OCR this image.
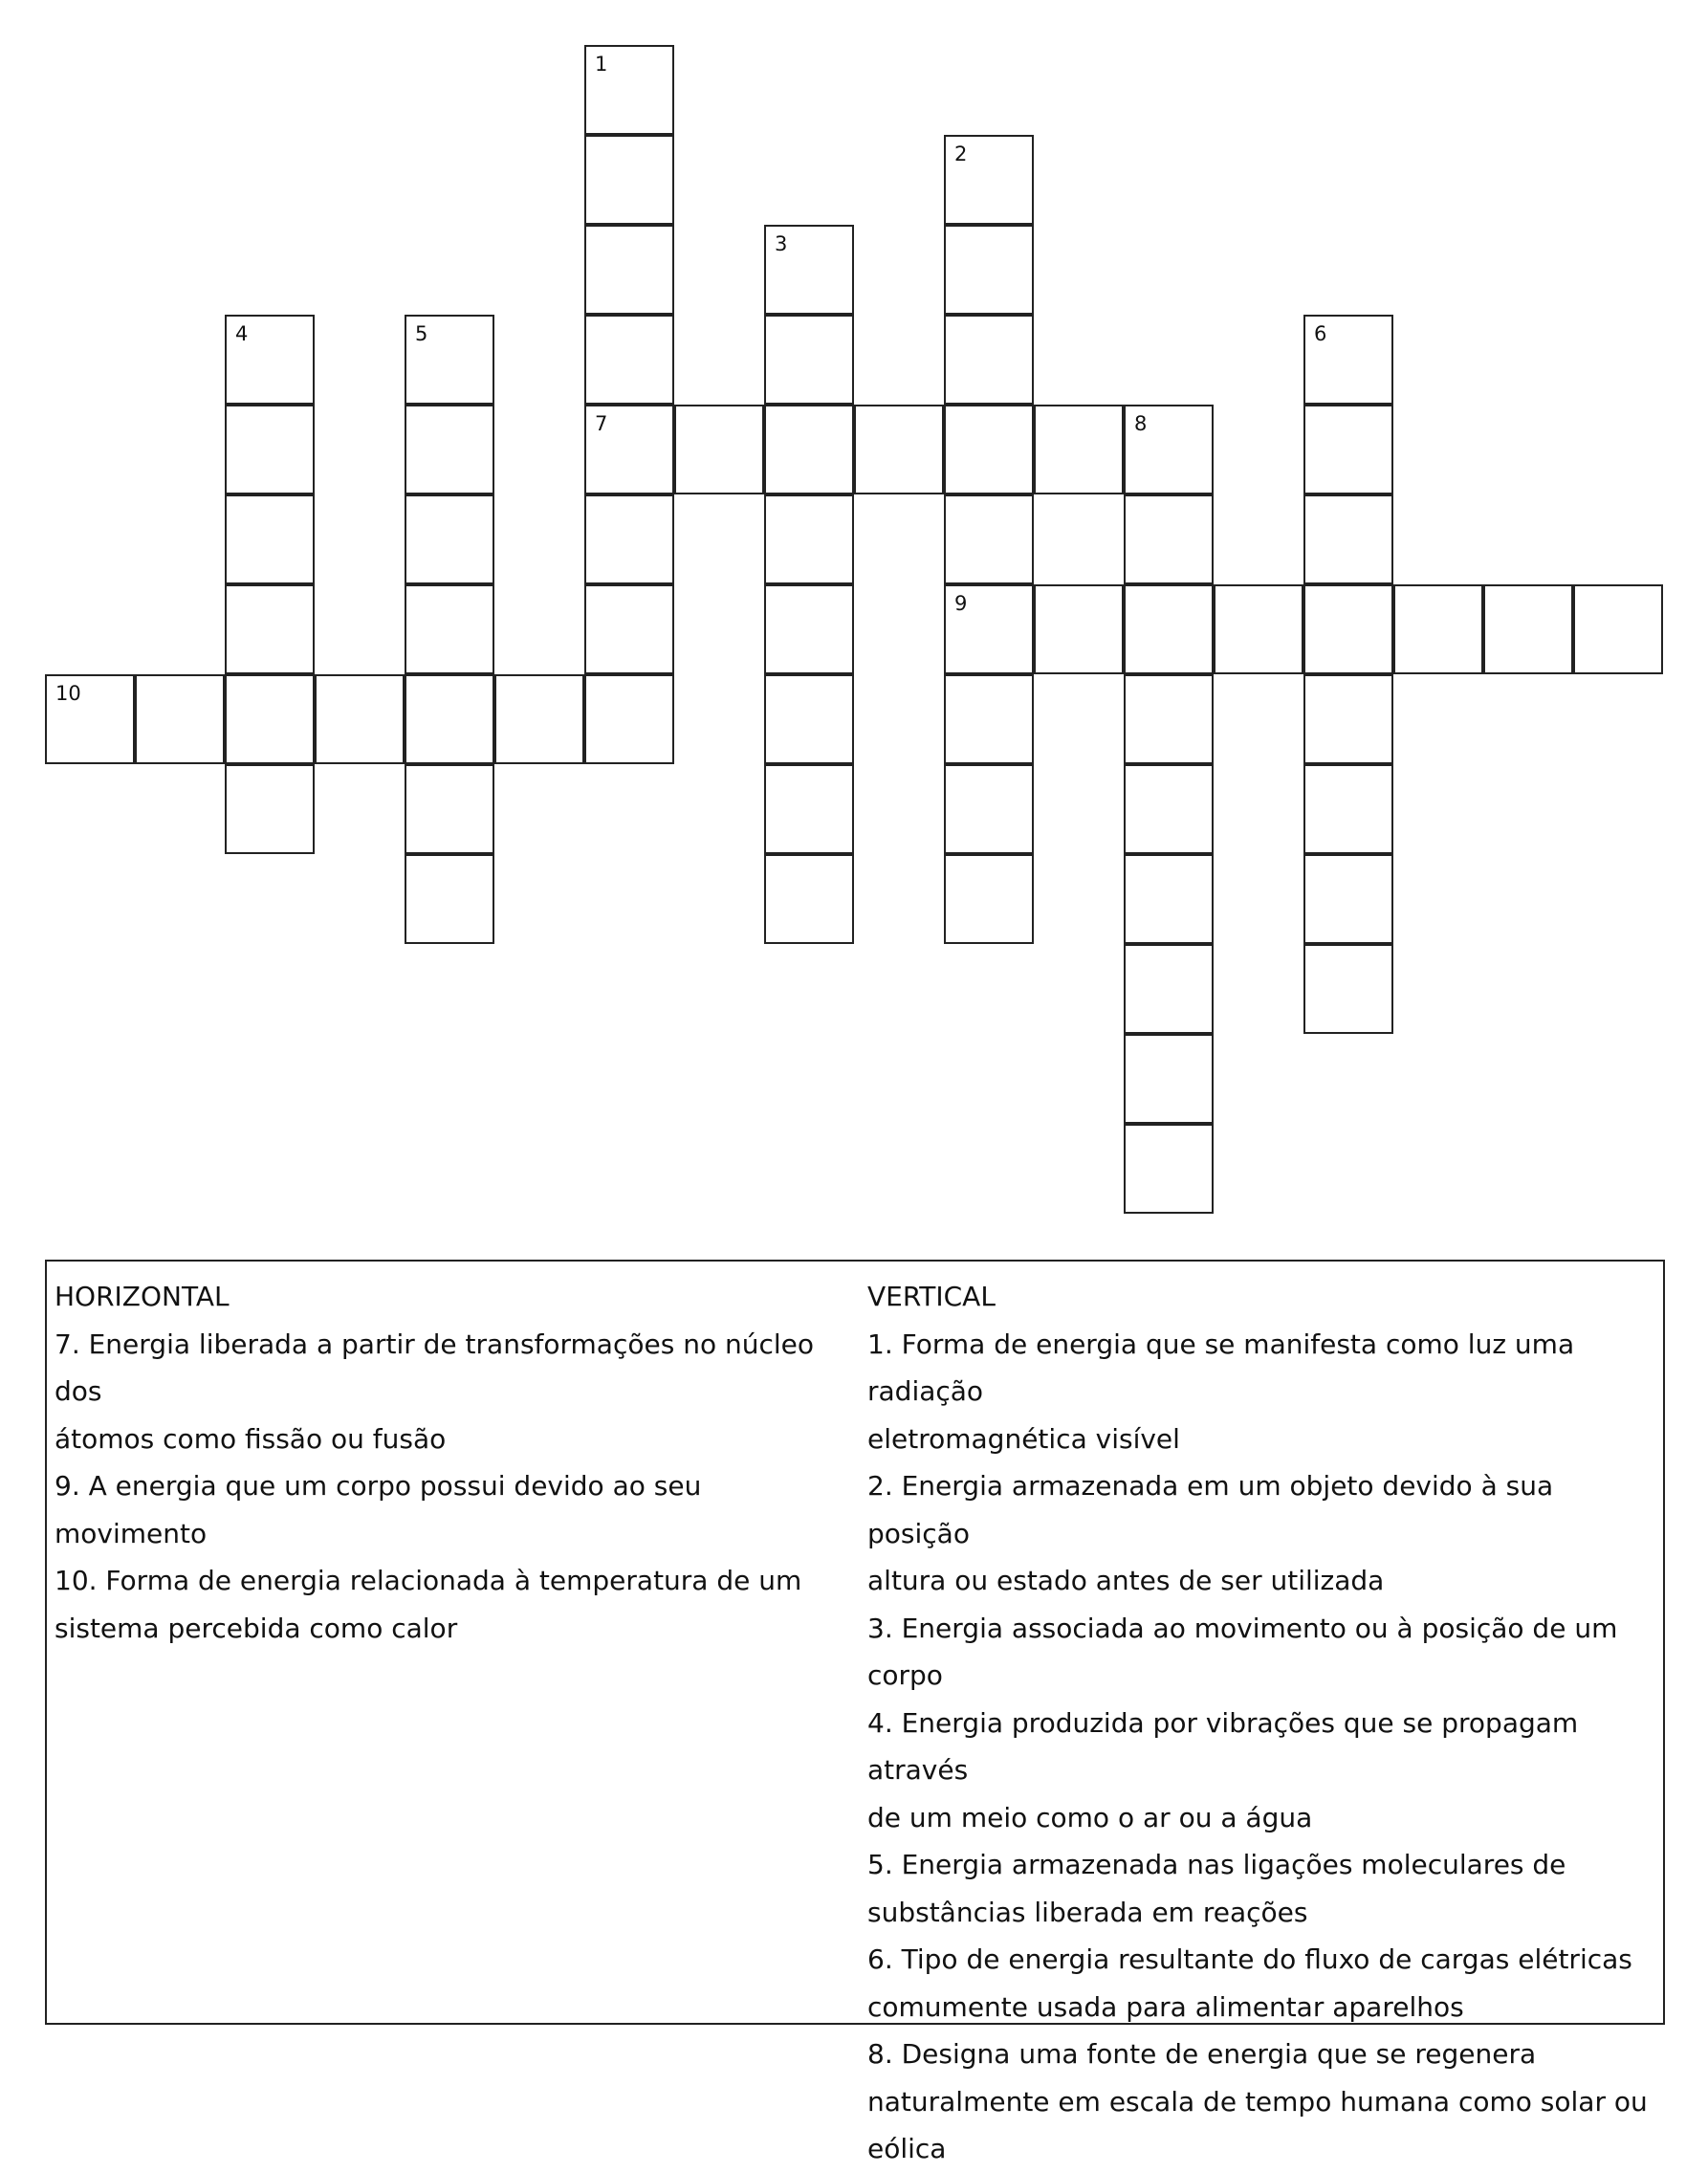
1
7
2
9
3
4	5	6
8
10
HORIZONTAL
7. Energia liberada a partir de transformações no núcleo dos
átomos como fissão ou fusão
9. A energia que um corpo possui devido ao seu movimento
10. Forma de energia relacionada à temperatura de um
sistema percebida como calor
VERTICAL
1. Forma de energia que se manifesta como luz uma radiação
eletromagnética visível
2. Energia armazenada em um objeto devido à sua posição
altura ou estado antes de ser utilizada
3. Energia associada ao movimento ou à posição de um corpo
4. Energia produzida por vibrações que se propagam através
de um meio como o ar ou a água
5. Energia armazenada nas ligações moleculares de
substâncias liberada em reações
6. Tipo de energia resultante do fluxo de cargas elétricas
comumente usada para alimentar aparelhos
8. Designa uma fonte de energia que se regenera
naturalmente em escala de tempo humana como solar ou
eólica
